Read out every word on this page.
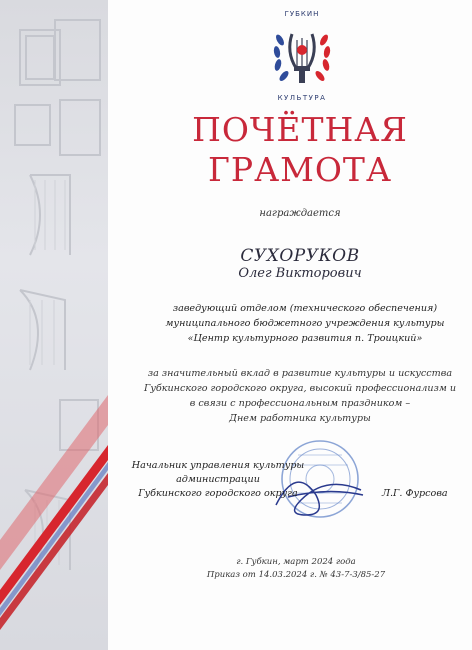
ГУБКИН
КУЛЬТУРА
ПОЧЁТНАЯ
ГРАМОТА
награждается
СУХОРУКОВ
Олег Викторович
заведующий отделом (технического обеспечения)
муниципального бюджетного учреждения культуры
«Центр культурного развития п. Троицкий»
за значительный вклад в развитие культуры и искусства
Губкинского городского округа, высокий профессионализм и
в связи с профессиональным праздником –
Днем работника культуры
Начальник управления культуры
администрации
Губкинского городского округа	Л.Г. Фурсова
г. Губкин, март 2024 года
Приказ от 14.03.2024 г. № 43-7-3/85-27
